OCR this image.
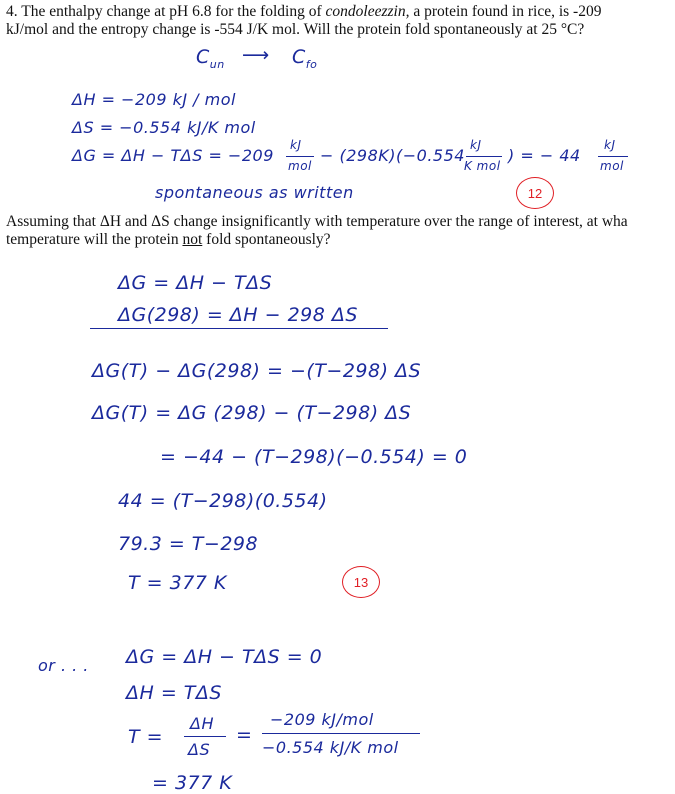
4. The enthalpy change at pH 6.8 for the folding of condoleezzin, a protein found in rice, is -209
kJ/mol and the entropy change is -554 J/K mol. Will the protein fold spontaneously at 25 °C?
$C_{un}$ ⟶ $C_{fo}$
ΔH = −209 kJ / mol
ΔS = −0.554 kJ/K mol
ΔG = ΔH − TΔS = −209
kJ
mol
− (298K)(−0.554
kJ
K mol
) = − 44
kJ
mol
spontaneous as written	12
Assuming that ΔH and ΔS change insignificantly with temperature over the range of interest, at wha
temperature will the protein not fold spontaneously?
ΔG = ΔH − TΔS
ΔG(298) = ΔH − 298 ΔS
ΔG(T) − ΔG(298) = −(T−298) ΔS
ΔG(T) = ΔG (298) − (T−298) ΔS
= −44 − (T−298)(−0.554) = 0
44 = (T−298)(0.554)
79.3 = T−298
T = 377 K	13
or . . . ΔG = ΔH − TΔS = 0
ΔH = TΔS
T =
ΔH
ΔS
=
−209 kJ/mol
−0.554 kJ/K mol
= 377 K
